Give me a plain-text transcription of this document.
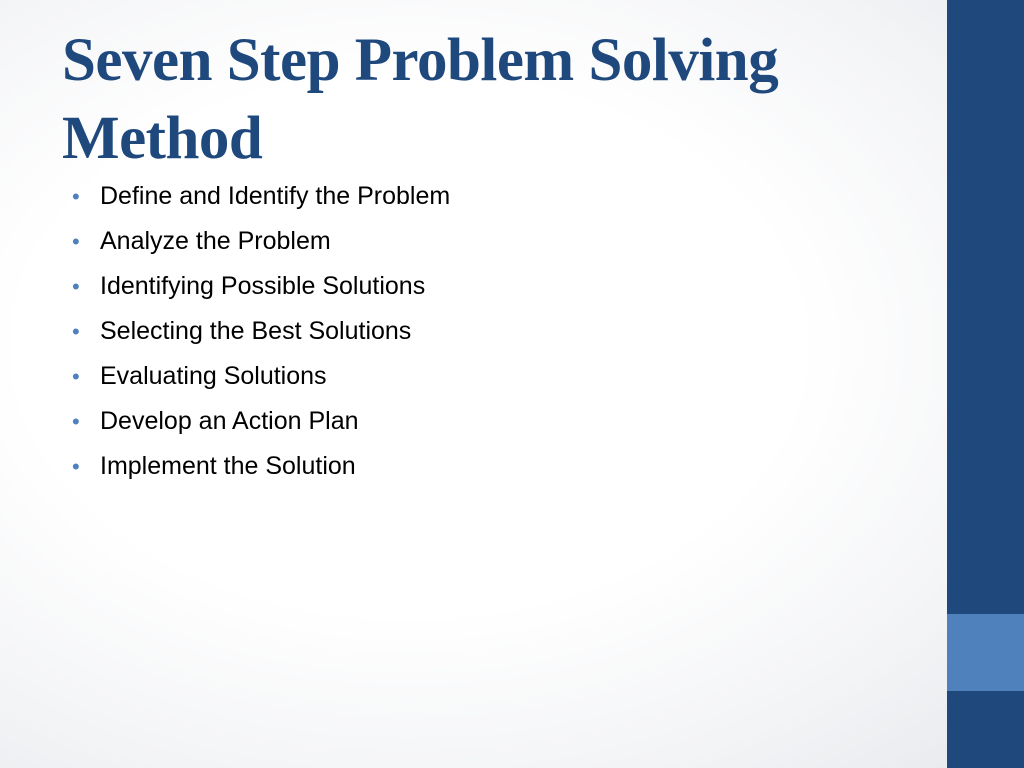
Seven Step Problem Solving Method
• Define and Identify the Problem
• Analyze the Problem
• Identifying Possible Solutions
• Selecting the Best Solutions
• Evaluating Solutions
• Develop an Action Plan
• Implement the Solution
